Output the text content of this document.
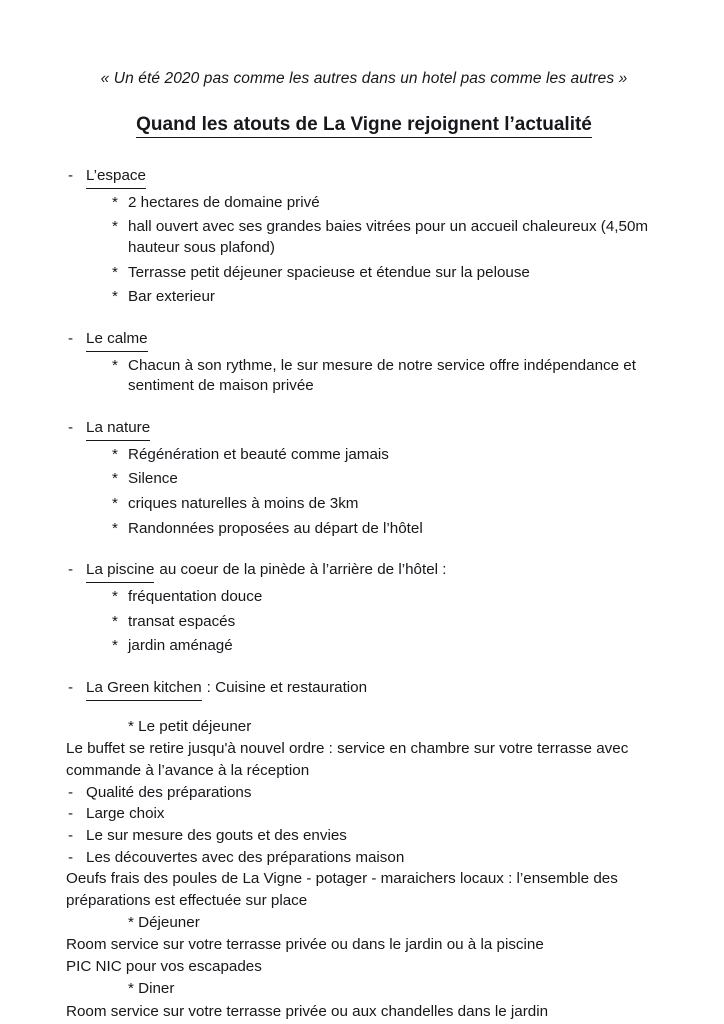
« Un été 2020 pas comme les autres dans un hotel pas comme les autres »

Quand les atouts de La Vigne rejoignent l’actualité
- L’espace
* 2 hectares de domaine privé
* hall ouvert avec ses grandes baies vitrées pour un accueil chaleureux (4,50m hauteur sous plafond)
* Terrasse petit déjeuner spacieuse et étendue sur la pelouse
* Bar exterieur
- Le calme
* Chacun à son rythme, le sur mesure de notre service offre indépendance et sentiment de maison privée
- La nature
* Régénération et beauté comme jamais
* Silence
* criques naturelles à moins de 3km
* Randonnées proposées au départ de l’hôtel
- La piscine au coeur de la pinède à l’arrière de l’hôtel :
* fréquentation douce
* transat espacés
* jardin aménagé
- La Green kitchen : Cuisine et restauration
* Le petit déjeuner

Le buffet se retire jusqu'à nouvel ordre : service en chambre sur votre terrasse avec

commande à l’avance à la réception

- Qualité des préparations
- Large choix
- Le sur mesure des gouts et des envies
- Les découvertes avec des préparations maison

Oeufs frais des poules de La Vigne - potager - maraichers locaux : l’ensemble des

préparations est effectuée sur place

* Déjeuner

Room service sur votre terrasse privée ou dans le jardin ou à la piscine

PIC NIC pour vos escapades

* Diner

Room service sur votre terrasse privée ou aux chandelles dans le jardin
